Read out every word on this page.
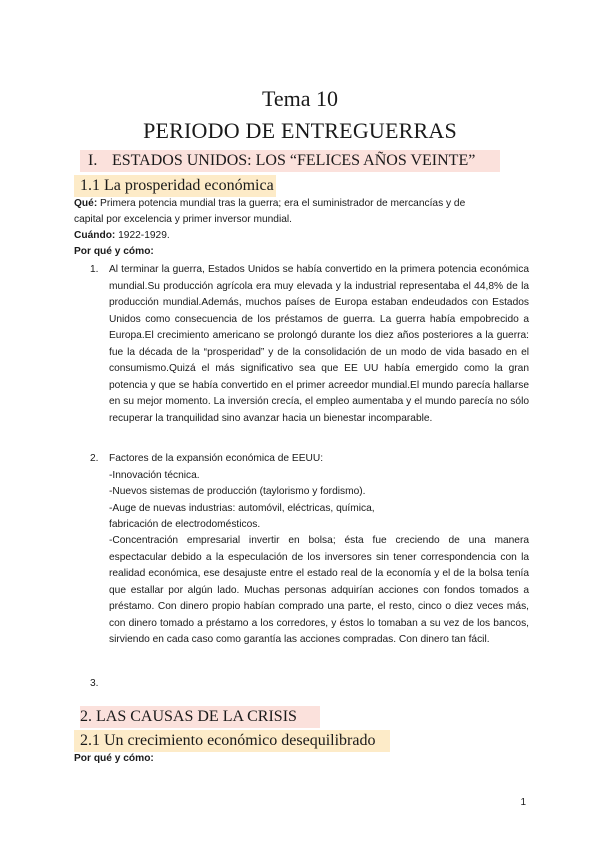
Tema 10
PERIODO DE ENTREGUERRAS
I. ESTADOS UNIDOS: LOS “FELICES AÑOS VEINTE”
1.1 La prosperidad económica
Qué: Primera potencia mundial tras la guerra; era el suministrador de mercancías y de
capital por excelencia y primer inversor mundial.
Cuándo: 1922-1929.
Por qué y cómo:
1. Al terminar la guerra, Estados Unidos se había convertido en la primera potencia económica mundial.Su producción agrícola era muy elevada y la industrial representaba el 44,8% de la producción mundial.Además, muchos países de Europa estaban endeudados con Estados Unidos como consecuencia de los préstamos de guerra. La guerra había empobrecido a Europa.El crecimiento americano se prolongó durante los diez años posteriores a la guerra: fue la década de la “prosperidad” y de la consolidación de un modo de vida basado en el consumismo.Quizá el más significativo sea que EE UU había emergido como la gran potencia y que se había convertido en el primer acreedor mundial.El mundo parecía hallarse en su mejor momento. La inversión crecía, el empleo aumentaba y el mundo parecía no sólo recuperar la tranquilidad sino avanzar hacia un bienestar incomparable.
2. Factores de la expansión económica de EEUU:
-Innovación técnica.
-Nuevos sistemas de producción (taylorismo y fordismo).
-Auge de nuevas industrias: automóvil, eléctricas, química,
fabricación de electrodomésticos.
-Concentración empresarial invertir en bolsa; ésta fue creciendo de una manera espectacular debido a la especulación de los inversores sin tener correspondencia con la realidad económica, ese desajuste entre el estado real de la economía y el de la bolsa tenía que estallar por algún lado. Muchas personas adquirían acciones con fondos tomados a préstamo. Con dinero propio habían comprado una parte, el resto, cinco o diez veces más, con dinero tomado a préstamo a los corredores, y éstos lo tomaban a su vez de los bancos, sirviendo en cada caso como garantía las acciones compradas. Con dinero tan fácil.
3.
2. LAS CAUSAS DE LA CRISIS
2.1 Un crecimiento económico desequilibrado
Por qué y cómo:
1
